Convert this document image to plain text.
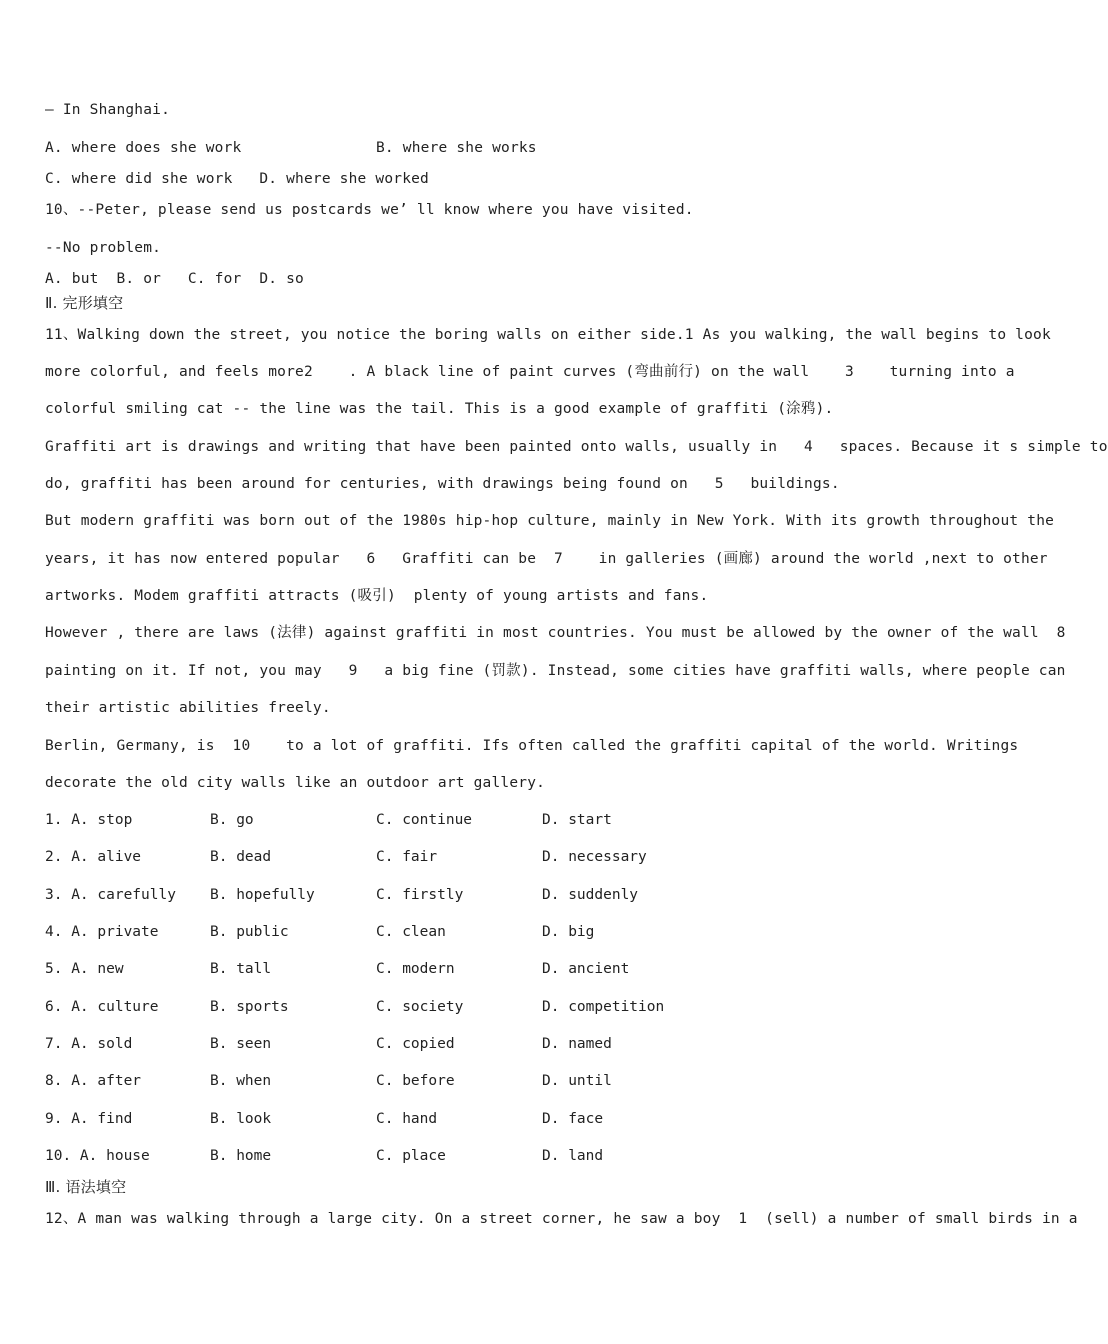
— In Shanghai.
A. where does she work	B. where she works
C. where did she work   D. where she worked
10、--Peter, please send us postcards we’ ll know where you have visited.
--No problem.
A. but  B. or   C. for  D. so
Ⅱ. 完形填空
11、Walking down the street, you notice the boring walls on either side.1 As you walking, the wall begins to look
more colorful, and feels more2    . A black line of paint curves (弯曲前行) on the wall    3    turning into a
colorful smiling cat -- the line was the tail. This is a good example of graffiti (涂鸦).
Graffiti art is drawings and writing that have been painted onto walls, usually in   4   spaces. Because it s simple to
do, graffiti has been around for centuries, with drawings being found on   5   buildings.
But modern graffiti was born out of the 1980s hip-hop culture, mainly in New York. With its growth throughout the
years, it has now entered popular   6   Graffiti can be  7    in galleries (画廊) around the world ,next to other
artworks. Modem graffiti attracts (吸引)  plenty of young artists and fans.
However , there are laws (法律) against graffiti in most countries. You must be allowed by the owner of the wall  8
painting on it. If not, you may   9   a big fine (罚款). Instead, some cities have graffiti walls, where people can
their artistic abilities freely.
Berlin, Germany, is  10    to a lot of graffiti. Ifs often called the graffiti capital of the world. Writings
decorate the old city walls like an outdoor art gallery.
1. A. stop	B. go	C. continue	D. start
2. A. alive	B. dead	C. fair	D. necessary
3. A. carefully B. hopefully	C. firstly	D. suddenly
4. A. private	B. public	C. clean	D. big
5. A. new	B. tall	C. modern	D. ancient
6. A. culture	B. sports	C. society	D. competition
7. A. sold	B. seen	C. copied	D. named
8. A. after	B. when	C. before	D. until
9. A. find	B. look	C. hand	D. face
10. A. house	B. home	C. place	D. land
Ⅲ. 语法填空
12、A man was walking through a large city. On a street corner, he saw a boy  1  (sell) a number of small birds in a
